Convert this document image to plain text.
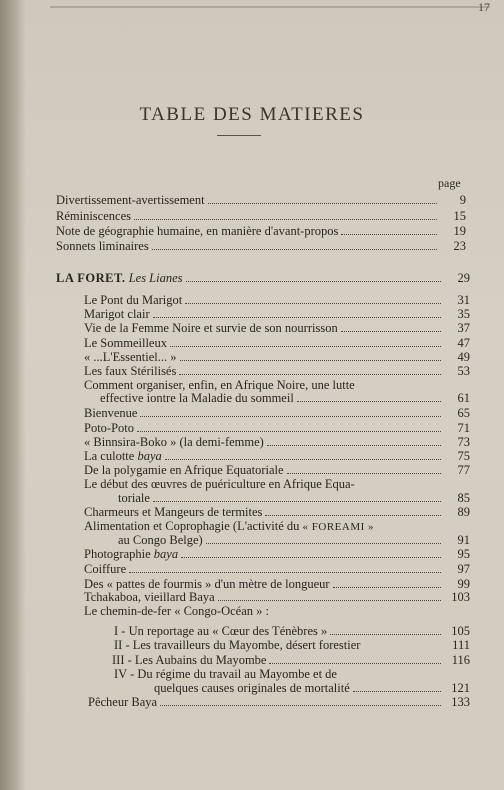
17
TABLE DES MATIERES
page
Divertissement-avertissement	9
Réminiscences	15
Note de géographie humaine, en manière d'avant-propos	19
Sonnets liminaires	23
LA FORET. Les Lianes	29
Le Pont du Marigot	31
Marigot clair	35
Vie de la Femme Noire et survie de son nourrisson	37
Le Sommeilleux	47
« ...L'Essentiel... »	49
Les faux Stérilisés	53
Comment organiser, enfin, en Afrique Noire, une lutte
effective iontre la Maladie du sommeil	61
Bienvenue	65
Poto-Poto	71
« Binnsira-Boko » (la demi-femme)	73
La culotte baya	75
De la polygamie en Afrique Equatoriale	77
Le début des œuvres de puériculture en Afrique Equa-
toriale	85
Charmeurs et Mangeurs de termites	89
Alimentation et Coprophagie (L'activité du « FOREAMI »
au Congo Belge)	91
Photographie baya	95
Coiffure	97
Des « pattes de fourmis » d'un mètre de longueur	99
Tchakaboa, vieillard Baya	103
Le chemin-de-fer « Congo-Océan » :
I - Un reportage au « Cœur des Ténèbres »	105
II - Les travailleurs du Mayombe, désert forestier	111
III - Les Aubains du Mayombe	116
IV - Du régime du travail au Mayombe et de
quelques causes originales de mortalité	121
Pêcheur Baya	133
